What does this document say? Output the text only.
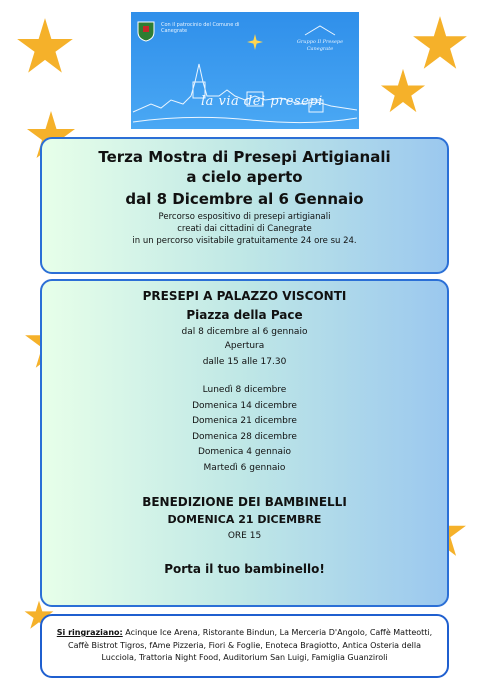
Con il patrocinio del Comune di Canegrate
Gruppo Il Presepe
Canegrate
la via dei presepi

Terza Mostra di Presepi Artigianali

a cielo aperto

dal 8 Dicembre al 6 Gennaio

Percorso espositivo di presepi artigianali

creati dai cittadini di Canegrate

in un percorso visitabile gratuitamente 24 ore su 24.

PRESEPI A PALAZZO VISCONTI

Piazza della Pace

dal 8 dicembre al 6 gennaio

Apertura

dalle 15 alle 17.30

Lunedì 8 dicembre

Domenica 14 dicembre

Domenica 21 dicembre

Domenica 28 dicembre

Domenica 4 gennaio

Martedì 6 gennaio

BENEDIZIONE DEI BAMBINELLI

DOMENICA 21 DICEMBRE

ORE 15

Porta il tuo bambinello!

Si ringraziano: Acinque Ice Arena, Ristorante Bindun, La Merceria D'Angolo, Caffè Matteotti, Caffè Bistrot Tigros, fAme Pizzeria, Fiori & Foglie, Enoteca Bragiotto, Antica Osteria della Lucciola, Trattoria Night Food, Auditorium San Luigi, Famiglia Guanziroli
